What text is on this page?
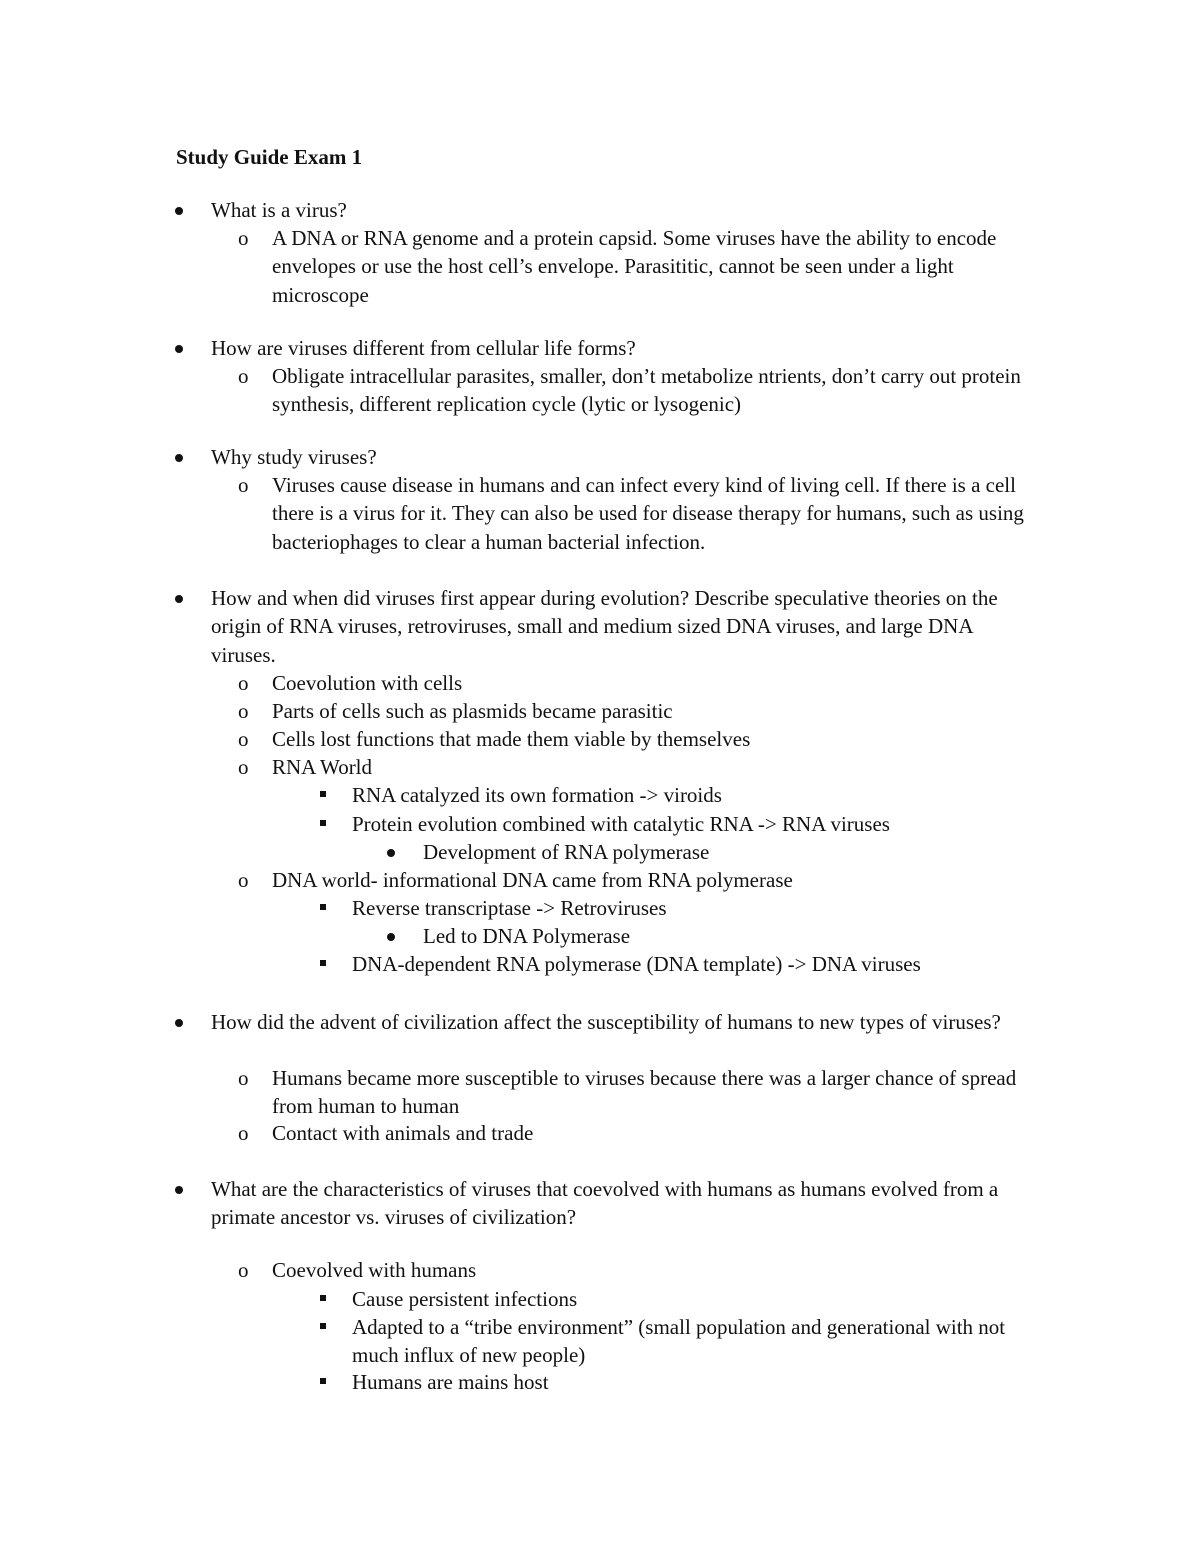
Study Guide Exam 1
What is a virus?
o A DNA or RNA genome and a protein capsid. Some viruses have the ability to encode envelopes or use the host cell’s envelope. Parasititic, cannot be seen under a light microscope
How are viruses different from cellular life forms?
o Obligate intracellular parasites, smaller, don’t metabolize ntrients, don’t carry out protein synthesis, different replication cycle (lytic or lysogenic)
Why study viruses?
o Viruses cause disease in humans and can infect every kind of living cell. If there is a cell there is a virus for it. They can also be used for disease therapy for humans, such as using bacteriophages to clear a human bacterial infection.
How and when did viruses first appear during evolution? Describe speculative theories on the origin of RNA viruses, retroviruses, small and medium sized DNA viruses, and large DNA viruses.
o Coevolution with cells
o Parts of cells such as plasmids became parasitic
o Cells lost functions that made them viable by themselves
o RNA World
RNA catalyzed its own formation -> viroids
Protein evolution combined with catalytic RNA -> RNA viruses
Development of RNA polymerase
o DNA world- informational DNA came from RNA polymerase
Reverse transcriptase -> Retroviruses
Led to DNA Polymerase
DNA-dependent RNA polymerase (DNA template) -> DNA viruses
How did the advent of civilization affect the susceptibility of humans to new types of viruses?
o Humans became more susceptible to viruses because there was a larger chance of spread from human to human
o Contact with animals and trade
What are the characteristics of viruses that coevolved with humans as humans evolved from a primate ancestor vs. viruses of civilization?
o Coevolved with humans
Cause persistent infections
Adapted to a “tribe environment” (small population and generational with not much influx of new people)
Humans are mains host
